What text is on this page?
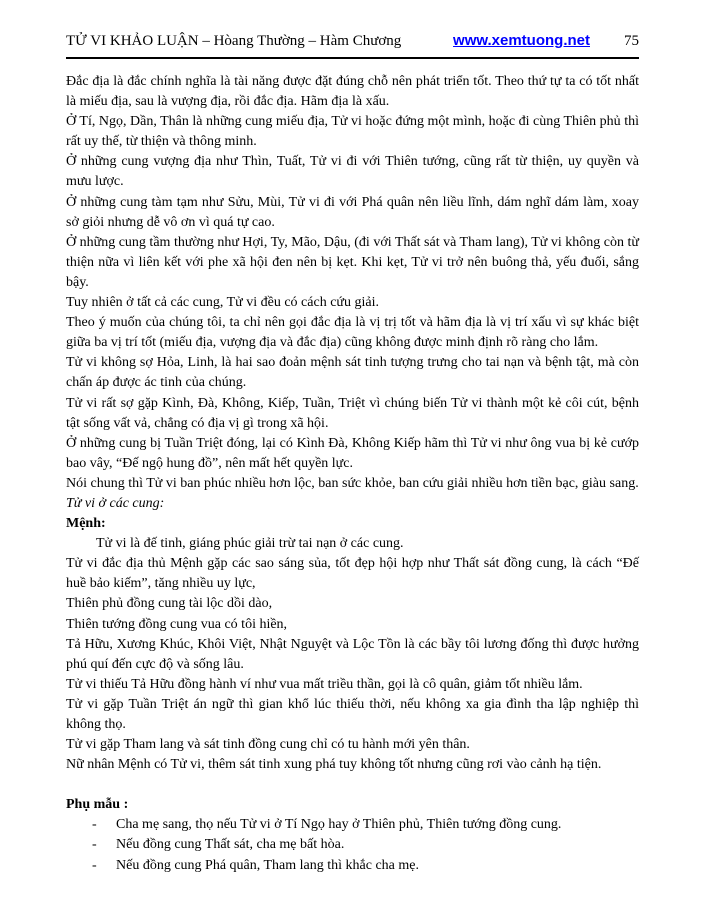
TỬ VI KHẢO LUẬN – Hòang Thường – Hàm Chương	www.xemtuong.net 75

Đắc địa là đắc chính nghĩa là tài năng được đặt đúng chỗ nên phát triển tốt. Theo thứ tự ta có tốt nhất là miếu địa, sau là vượng địa, rồi đắc địa. Hãm địa là xấu.

Ở Tí, Ngọ, Dần, Thân là những cung miếu địa, Tử vi hoặc đứng một mình, hoặc đi cùng Thiên phủ thì rất uy thế, từ thiện và thông minh.

Ở những cung vượng địa như Thìn, Tuất, Tử vi đi với Thiên tướng, cũng rất từ thiện, uy quyền và mưu lược.

Ở những cung tàm tạm như Sửu, Mùi, Tử vi đi với Phá quân nên liều lĩnh, dám nghĩ dám làm, xoay sở giỏi nhưng dễ vô ơn vì quá tự cao.

Ở những cung tầm thường như Hợi, Ty, Mão, Dậu, (đi với Thất sát và Tham lang), Tử vi không còn từ thiện nữa vì liên kết với phe xã hội đen nên bị kẹt. Khi kẹt, Tử vi trở nên buông thả, yếu đuối, sắng bậy.

Tuy nhiên ở tất cả các cung, Tử vi đều có cách cứu giải.

Theo ý muốn của chúng tôi, ta chỉ nên gọi đắc địa là vị trị tốt và hãm địa là vị trí xấu vì sự khác biệt giữa ba vị trí tốt (miếu địa, vượng địa và đắc địa) cũng không được minh định rõ ràng cho lắm.

Tử vi không sợ Hỏa, Linh, là hai sao đoản mệnh sát tinh tượng trưng cho tai nạn và bệnh tật, mà còn chấn áp được ác tinh của chúng.

Tử vi rất sợ gặp Kình, Đà, Không, Kiếp, Tuần, Triệt vì chúng biến Tử vi thành một kẻ côi cút, bệnh tật sống vất vả, chẳng có địa vị gì trong xã hội.

Ở những cung bị Tuần Triệt đóng, lại có Kình Đà, Không Kiếp hãm thì Tử vi như ông vua bị kẻ cướp bao vây, “Đế ngộ hung đồ”, nên mất hết quyền lực.

Nói chung thì Tử vi ban phúc nhiều hơn lộc, ban sức khỏe, ban cứu giải nhiều hơn tiền bạc, giàu sang.

Tử vi ở các cung:

Mệnh:

Tử vi là đế tinh, giáng phúc giải trừ tai nạn ở các cung.

Tử vi đắc địa thủ Mệnh gặp các sao sáng sủa, tốt đẹp hội hợp như Thất sát đồng cung, là cách “Đế huề bảo kiếm”, tăng nhiều uy lực,

Thiên phủ đồng cung tài lộc dồi dào,

Thiên tướng đồng cung vua có tôi hiền,

Tả Hữu, Xương Khúc, Khôi Việt, Nhật Nguyệt và Lộc Tồn là các bầy tôi lương đống thì được hưởng phú quí đến cực độ và sống lâu.

Tử vi thiếu Tả Hữu đồng hành ví như vua mất triều thần, gọi là cô quân, giảm tốt nhiều lắm.

Tử vi gặp Tuần Triệt án ngữ thì gian khổ lúc thiếu thời, nếu không xa gia đình tha lập nghiệp thì không thọ.

Tử vi gặp Tham lang và sát tinh đồng cung chỉ có tu hành mới yên thân.

Nữ nhân Mệnh có Tử vi, thêm sát tinh xung phá tuy không tốt nhưng cũng rơi vào cảnh hạ tiện.

Phụ mẫu :

-	Cha mẹ sang, thọ nếu Tử vi ở Tí Ngọ hay ở Thiên phủ, Thiên tướng đồng cung.
-	Nếu đồng cung Thất sát, cha mẹ bất hòa.
-	Nếu đồng cung Phá quân, Tham lang thì khắc cha mẹ.
